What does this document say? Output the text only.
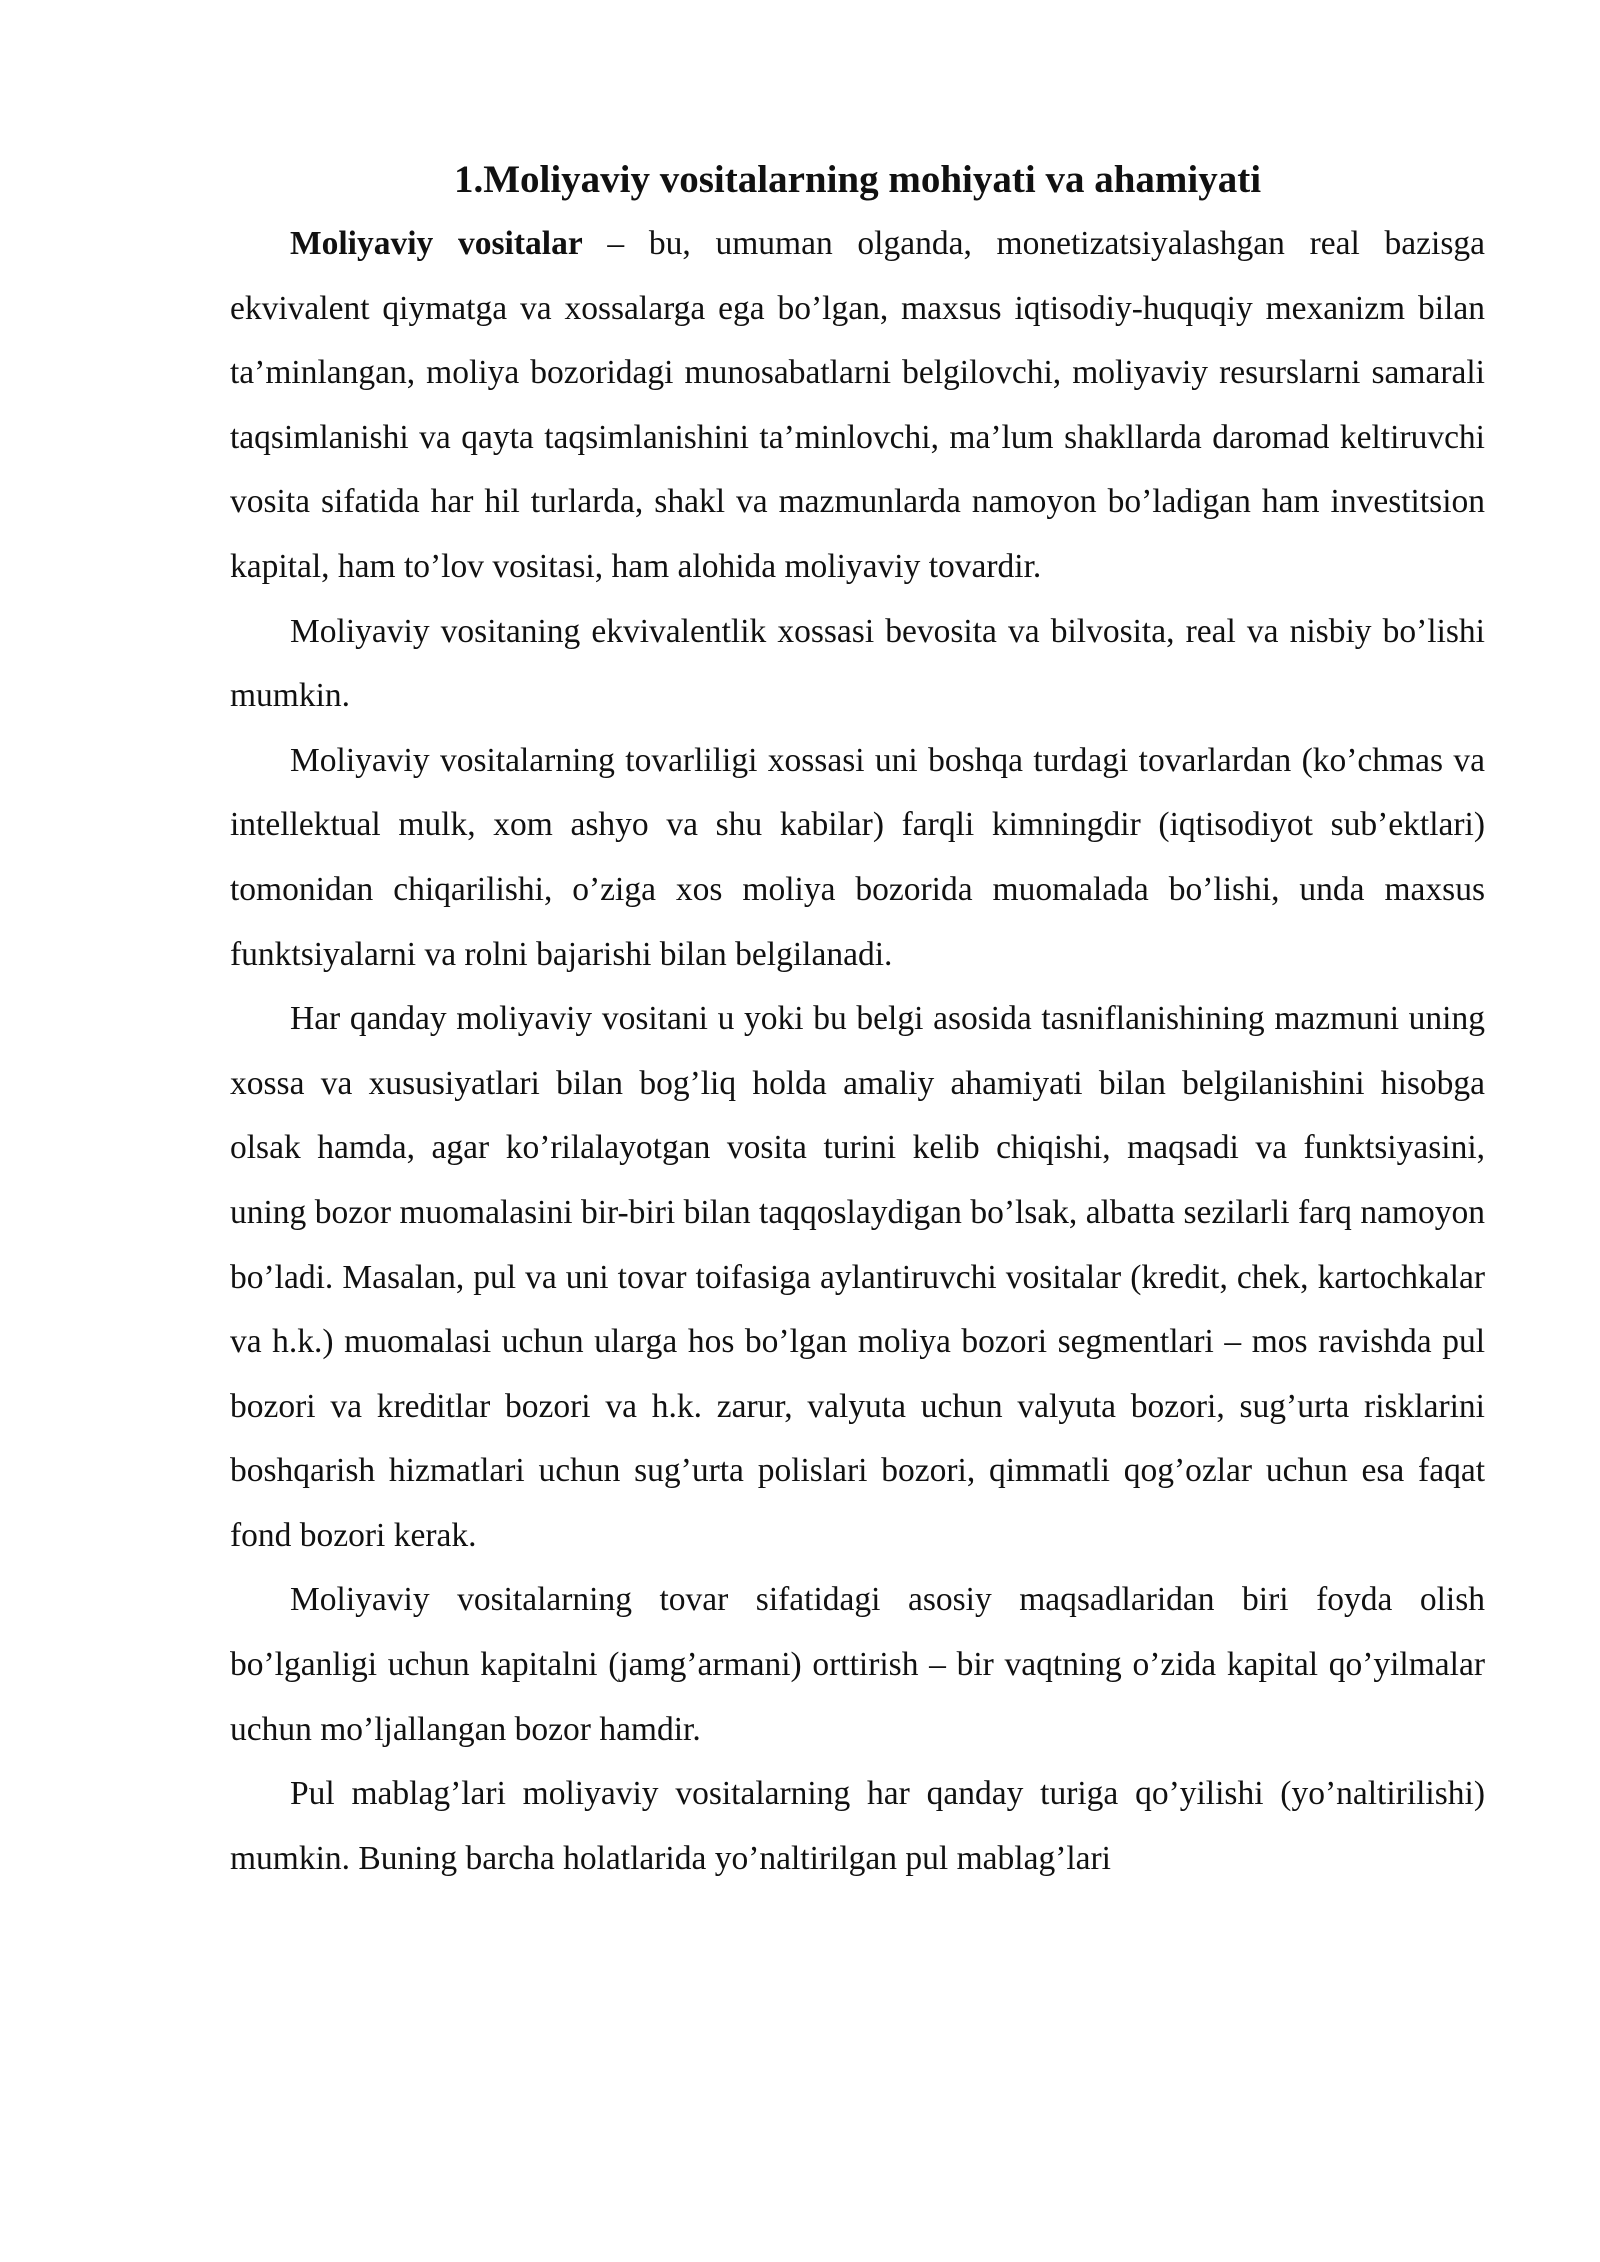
1.Moliyaviy vositalarning mohiyati va ahamiyati

Moliyaviy vositalar – bu, umuman olganda, monetizatsiyalashgan real bazisga ekvivalent qiymatga va xossalarga ega bo’lgan, maxsus iqtisodiy-huquqiy mexanizm bilan ta’minlangan, moliya bozoridagi munosabatlarni belgilovchi, moliyaviy resurslarni samarali taqsimlanishi va qayta taqsimlanishini ta’minlovchi, ma’lum shakllarda daromad keltiruvchi vosita sifatida har hil turlarda, shakl va mazmunlarda namoyon bo’ladigan ham investitsion kapital, ham to’lov vositasi, ham alohida moliyaviy tovardir.

Moliyaviy vositaning ekvivalentlik xossasi bevosita va bilvosita, real va nisbiy bo’lishi mumkin.

Moliyaviy vositalarning tovarliligi xossasi uni boshqa turdagi tovarlardan (ko’chmas va intellektual mulk, xom ashyo va shu kabilar) farqli kimningdir (iqtisodiyot sub’ektlari) tomonidan chiqarilishi, o’ziga xos moliya bozorida muomalada bo’lishi, unda maxsus funktsiyalarni va rolni bajarishi bilan belgilanadi.

Har qanday moliyaviy vositani u yoki bu belgi asosida tasniflanishining mazmuni uning xossa va xususiyatlari bilan bog’liq holda amaliy ahamiyati bilan belgilanishini hisobga olsak hamda, agar ko’rilalayotgan vosita turini kelib chiqishi, maqsadi va funktsiyasini, uning bozor muomalasini bir-biri bilan taqqoslaydigan bo’lsak, albatta sezilarli farq namoyon bo’ladi. Masalan, pul va uni tovar toifasiga aylantiruvchi vositalar (kredit, chek, kartochkalar va h.k.) muomalasi uchun ularga hos bo’lgan moliya bozori segmentlari – mos ravishda pul bozori va kreditlar bozori va h.k. zarur, valyuta uchun valyuta bozori, sug’urta risklarini boshqarish hizmatlari uchun sug’urta polislari bozori, qimmatli qog’ozlar uchun esa faqat fond bozori kerak.

Moliyaviy vositalarning tovar sifatidagi asosiy maqsadlaridan biri foyda olish bo’lganligi uchun kapitalni (jamg’armani) orttirish – bir vaqtning o’zida kapital qo’yilmalar uchun mo’ljallangan bozor hamdir.

Pul mablag’lari moliyaviy vositalarning har qanday turiga qo’yilishi (yo’naltirilishi) mumkin. Buning barcha holatlarida yo’naltirilgan pul mablag’lari
